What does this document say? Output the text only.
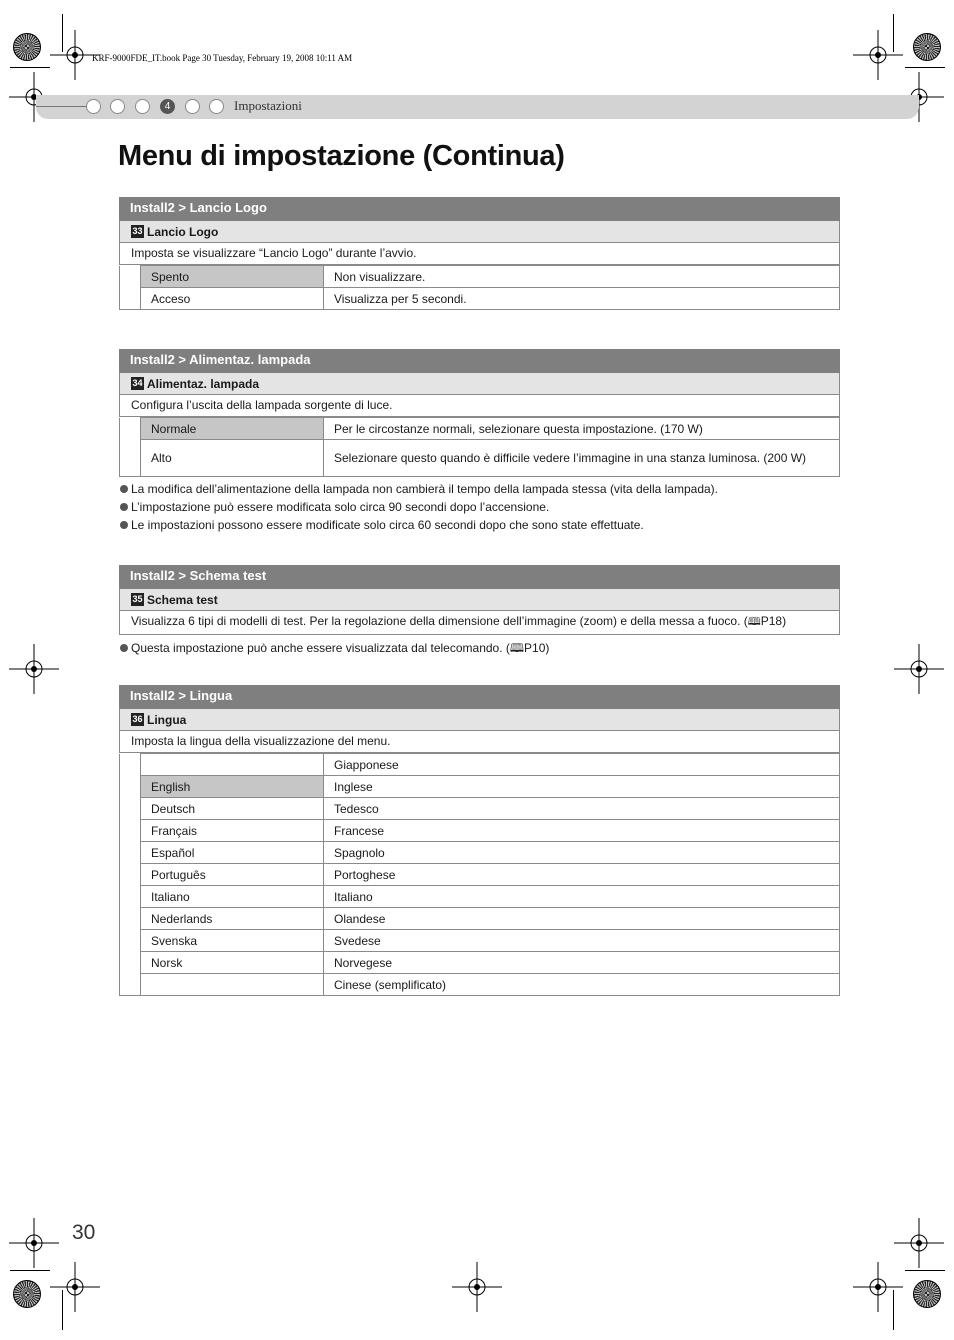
KRF-9000FDE_IT.book Page 30 Tuesday, February 19, 2008 10:11 AM
4	Impostazioni
Menu di impostazione (Continua)
Install2 > Lancio Logo
33 Lancio Logo
Imposta se visualizzare “Lancio Logo” durante l’avvio.
	Spento	Non visualizzare.
	Acceso	Visualizza per 5 secondi.
Install2 > Alimentaz. lampada
34 Alimentaz. lampada
Configura l’uscita della lampada sorgente di luce.
	Normale	Per le circostanze normali, selezionare questa impostazione. (170 W)
	Alto	Selezionare questo quando è difficile vedere l’immagine in una stanza luminosa. (200 W)
La modifica dell’alimentazione della lampada non cambierà il tempo della lampada stessa (vita della lampada).
L’impostazione può essere modificata solo circa 90 secondi dopo l’accensione.
Le impostazioni possono essere modificate solo circa 60 secondi dopo che sono state effettuate.
Install2 > Schema test
35 Schema test
Visualizza 6 tipi di modelli di test. Per la regolazione della dimensione dell’immagine (zoom) e della messa a fuoco. (🕮P18)
Questa impostazione può anche essere visualizzata dal telecomando. (🕮P10)
Install2 > Lingua
36 Lingua
Imposta la lingua della visualizzazione del menu.
		Giapponese
	English	Inglese
	Deutsch	Tedesco
	Français	Francese
	Español	Spagnolo
	Português	Portoghese
	Italiano	Italiano
	Nederlands	Olandese
	Svenska	Svedese
	Norsk	Norvegese
		Cinese (semplificato)
30
